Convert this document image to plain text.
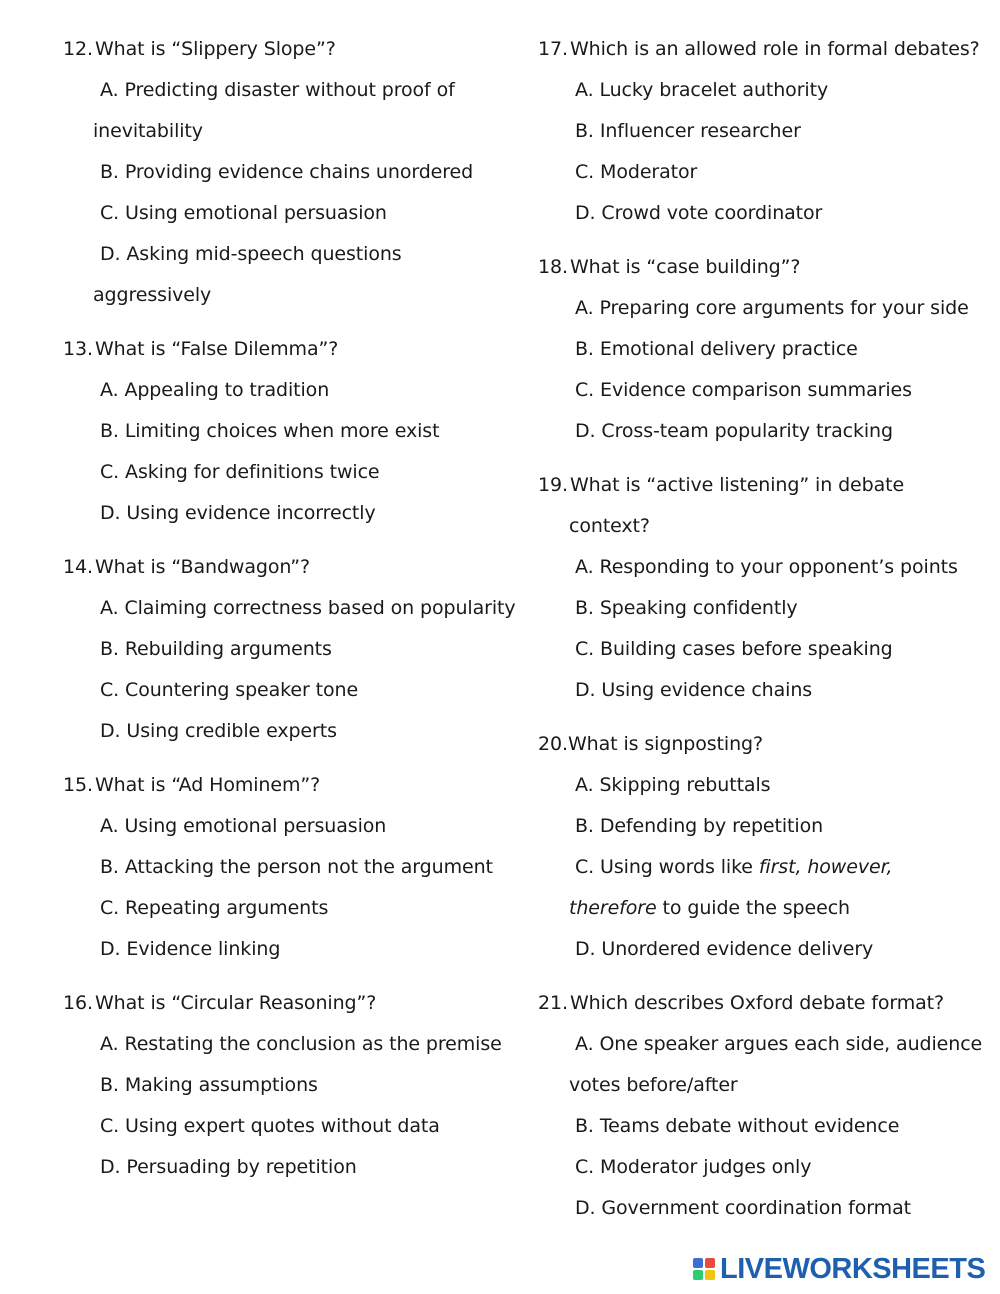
12. What is “Slippery Slope”?
A. Predicting disaster without proof of
inevitability
B. Providing evidence chains unordered
C. Using emotional persuasion
D. Asking mid-speech questions
aggressively
13. What is “False Dilemma”?
A. Appealing to tradition
B. Limiting choices when more exist
C. Asking for definitions twice
D. Using evidence incorrectly
14. What is “Bandwagon”?
A. Claiming correctness based on popularity
B. Rebuilding arguments
C. Countering speaker tone
D. Using credible experts
15. What is “Ad Hominem”?
A. Using emotional persuasion
B. Attacking the person not the argument
C. Repeating arguments
D. Evidence linking
16. What is “Circular Reasoning”?
A. Restating the conclusion as the premise
B. Making assumptions
C. Using expert quotes without data
D. Persuading by repetition
17. Which is an allowed role in formal debates?
A. Lucky bracelet authority
B. Influencer researcher
C. Moderator
D. Crowd vote coordinator
18. What is “case building”?
A. Preparing core arguments for your side
B. Emotional delivery practice
C. Evidence comparison summaries
D. Cross-team popularity tracking
19. What is “active listening” in debate
context?
A. Responding to your opponent’s points
B. Speaking confidently
C. Building cases before speaking
D. Using evidence chains
20. What is signposting?
A. Skipping rebuttals
B. Defending by repetition
C. Using words like first, however,
therefore to guide the speech
D. Unordered evidence delivery
21. Which describes Oxford debate format?
A. One speaker argues each side, audience
votes before/after
B. Teams debate without evidence
C. Moderator judges only
D. Government coordination format
LIVEWORKSHEETS
